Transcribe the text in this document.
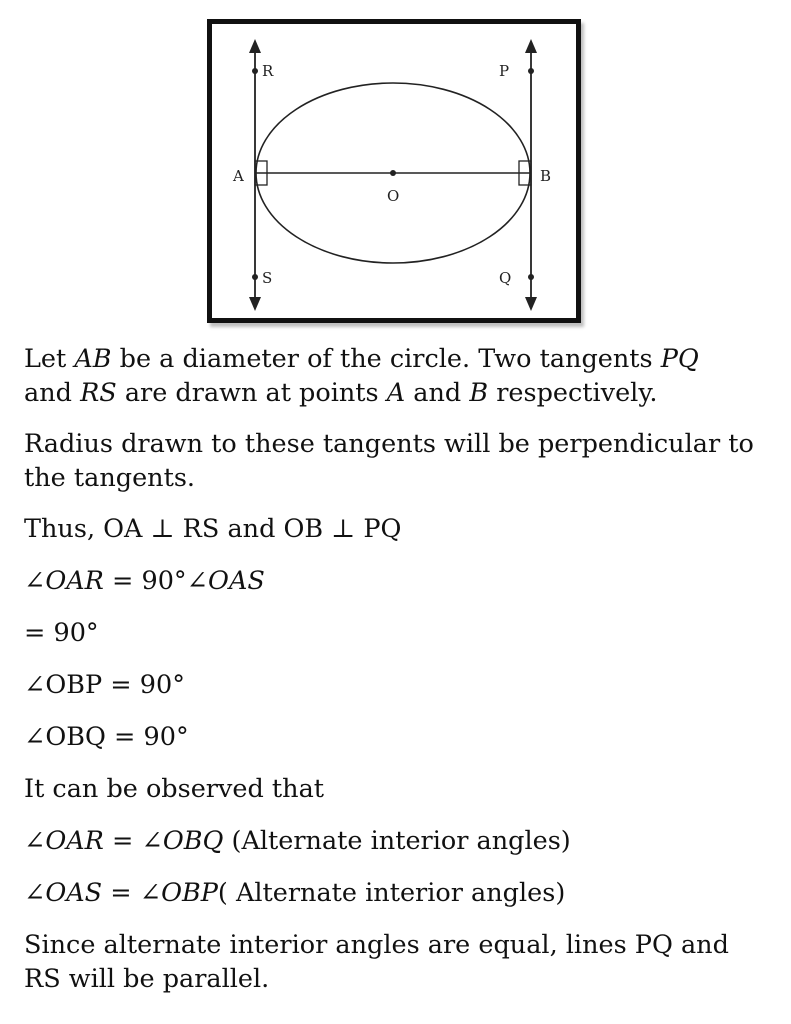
R	P
A	B
O
S	Q

Let AB be a diameter of the circle. Two tangents PQ
and RS are drawn at points A and B respectively.

Radius drawn to these tangents will be perpendicular to the tangents.

Thus, OA ⊥ RS and OB ⊥ PQ

∠OAR = 90°∠OAS

= 90°

∠OBP = 90°

∠OBQ = 90°

It can be observed that

∠OAR = ∠OBQ (Alternate interior angles)

∠OAS = ∠OBP( Alternate interior angles)

Since alternate interior angles are equal, lines PQ and RS will be parallel.
